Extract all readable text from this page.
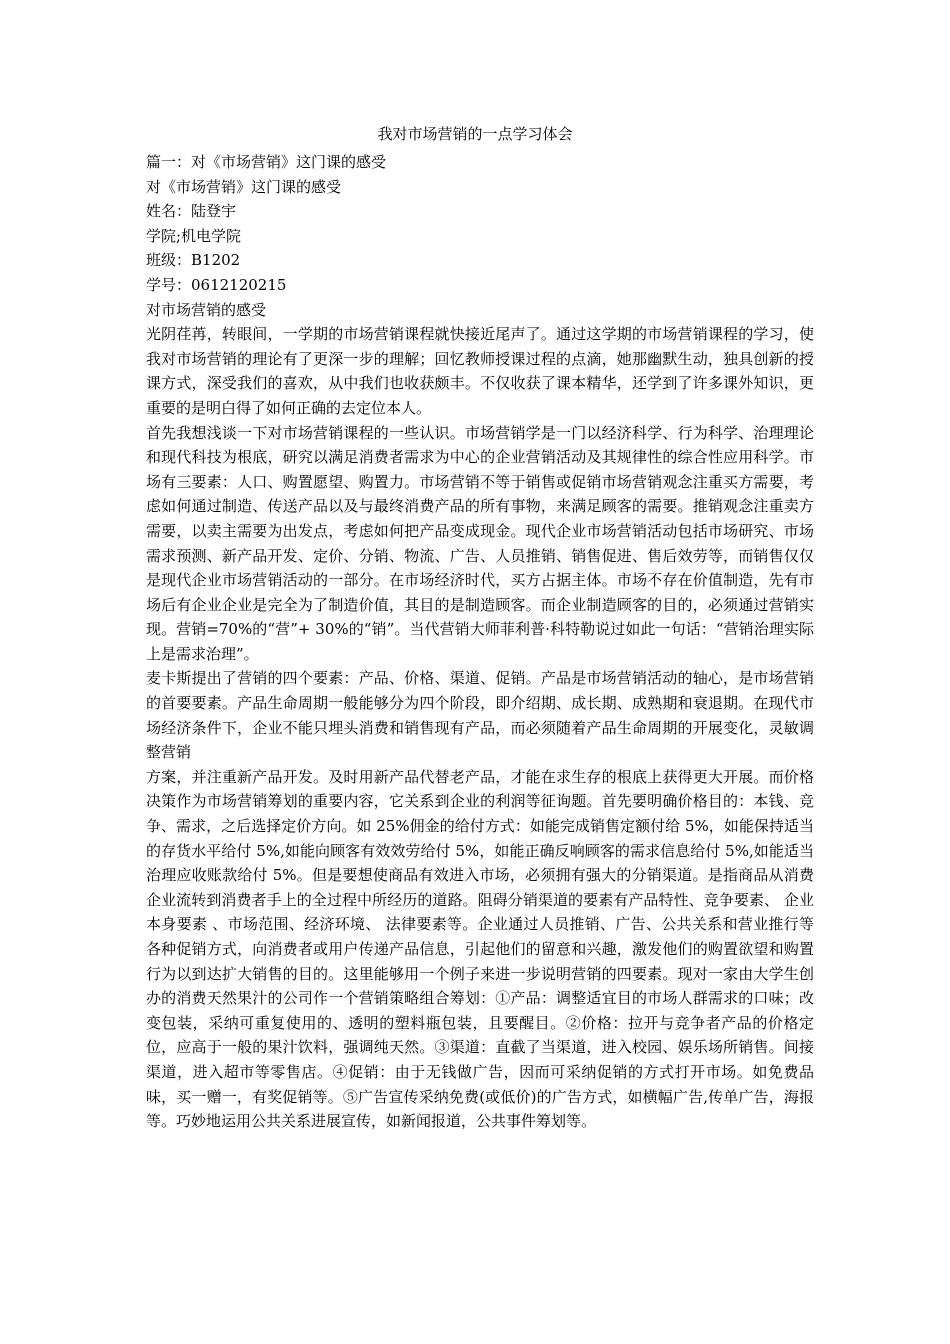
我对市场营销的一点学习体会
篇一：对《市场营销》这门课的感受
对《市场营销》这门课的感受
姓名：陆登宇
学院;机电学院
班级：B1202
学号：0612120215
对市场营销的感受
光阴荏苒，转眼间，一学期的市场营销课程就快接近尾声了。通过这学期的市场营销课程的学习，使我对市场营销的理论有了更深一步的理解；回忆教师授课过程的点滴，她那幽默生动，独具创新的授课方式，深受我们的喜欢，从中我们也收获颇丰。不仅收获了课本精华，还学到了许多课外知识，更重要的是明白得了如何正确的去定位本人。
首先我想浅谈一下对市场营销课程的一些认识。市场营销学是一门以经济科学、行为科学、治理理论和现代科技为根底，研究以满足消费者需求为中心的企业营销活动及其规律性的综合性应用科学。市场有三要素：人口、购置愿望、购置力。市场营销不等于销售或促销市场营销观念注重买方需要，考虑如何通过制造、传送产品以及与最终消费产品的所有事物，来满足顾客的需要。推销观念注重卖方需要，以卖主需要为出发点，考虑如何把产品变成现金。现代企业市场营销活动包括市场研究、市场需求预测、新产品开发、定价、分销、物流、广告、人员推销、销售促进、售后效劳等，而销售仅仅是现代企业市场营销活动的一部分。在市场经济时代，买方占据主体。市场不存在价值制造，先有市场后有企业企业是完全为了制造价值，其目的是制造顾客。而企业制造顾客的目的，必须通过营销实现。营销=70%的“营”+ 30%的“销”。当代营销大师菲利普·科特勒说过如此一句话：“营销治理实际上是需求治理”。
麦卡斯提出了营销的四个要素：产品、价格、渠道、促销。产品是市场营销活动的轴心，是市场营销的首要要素。产品生命周期一般能够分为四个阶段，即介绍期、成长期、成熟期和衰退期。在现代市场经济条件下，企业不能只埋头消费和销售现有产品，而必须随着产品生命周期的开展变化，灵敏调整营销
方案，并注重新产品开发。及时用新产品代替老产品，才能在求生存的根底上获得更大开展。而价格决策作为市场营销筹划的重要内容，它关系到企业的利润等征询题。首先要明确价格目的：本钱、竞争、需求，之后选择定价方向。如 25%佣金的给付方式：如能完成销售定额付给 5%，如能保持适当的存货水平给付 5%,如能向顾客有效效劳给付 5%，如能正确反响顾客的需求信息给付 5%,如能适当治理应收账款给付 5%。但是要想使商品有效进入市场，必须拥有强大的分销渠道。是指商品从消费企业流转到消费者手上的全过程中所经历的道路。阻碍分销渠道的要素有产品特性、竞争要素、 企业本身要素 、市场范围、经济环境、 法律要素等。企业通过人员推销、广告、公共关系和营业推行等各种促销方式，向消费者或用户传递产品信息，引起他们的留意和兴趣，激发他们的购置欲望和购置行为以到达扩大销售的目的。这里能够用一个例子来进一步说明营销的四要素。现对一家由大学生创办的消费天然果汁的公司作一个营销策略组合筹划：①产品：调整适宜目的市场人群需求的口味；改变包装，采纳可重复使用的、透明的塑料瓶包装，且要醒目。②价格：拉开与竞争者产品的价格定位，应高于一般的果汁饮料，强调纯天然。③渠道：直截了当渠道，进入校园、娱乐场所销售。间接渠道，进入超市等零售店。④促销：由于无钱做广告，因而可采纳促销的方式打开市场。如免费品味，买一赠一，有奖促销等。⑤广告宣传采纳免费(或低价)的广告方式，如横幅广告,传单广告，海报等。巧妙地运用公共关系进展宣传，如新闻报道，公共事件筹划等。
